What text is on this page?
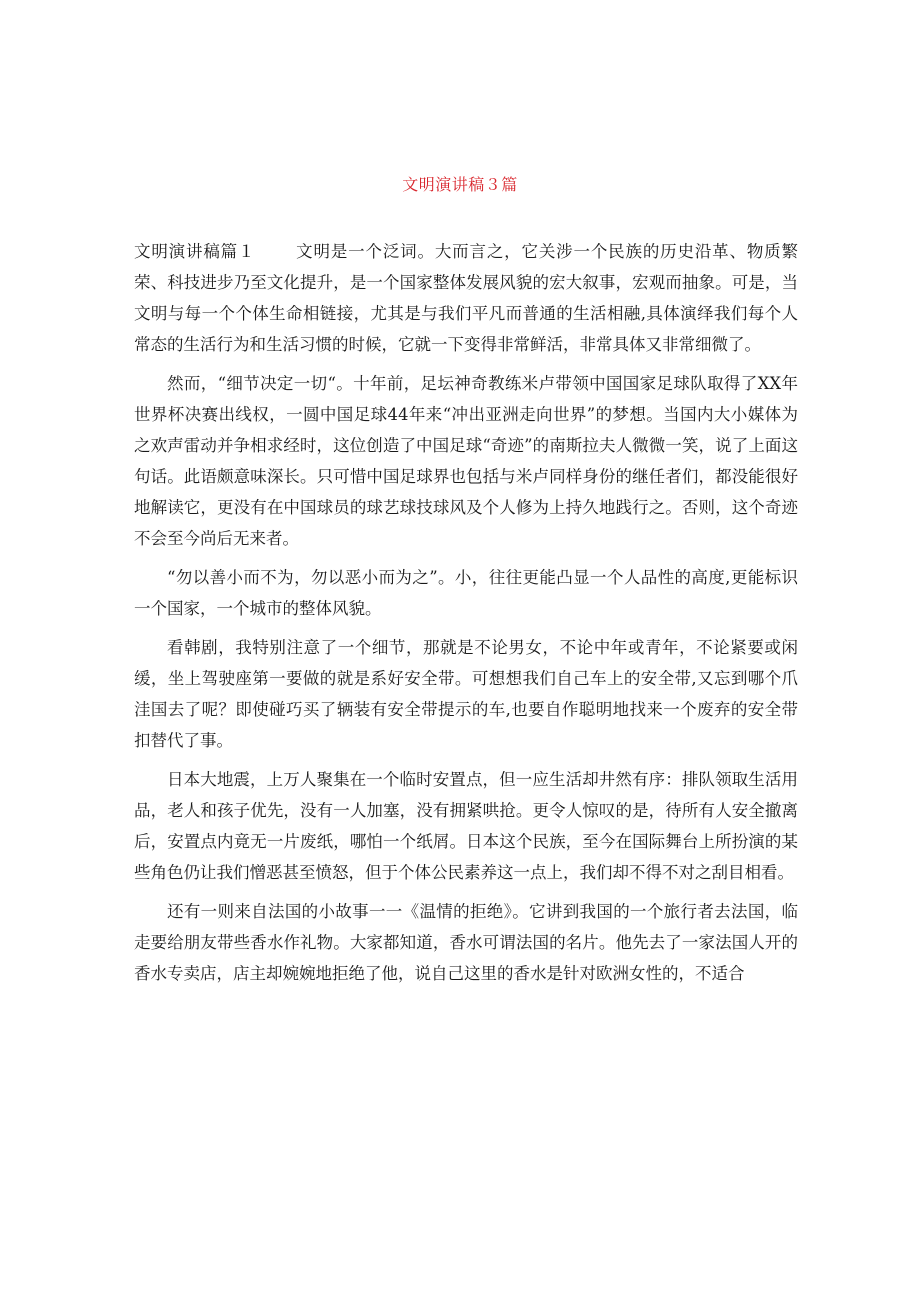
文明演讲稿３篇

文明演讲稿篇１ 文明是一个泛词。大而言之，它关涉一个民族的历史沿革、物质繁荣、科技进步乃至文化提升，是一个国家整体发展风貌的宏大叙事，宏观而抽象。可是，当文明与每一个个体生命相链接，尤其是与我们平凡而普通的生活相融,具体演绎我们每个人常态的生活行为和生活习惯的时候，它就一下变得非常鲜活，非常具体又非常细微了。

然而，“细节决定一切“。十年前，足坛神奇教练米卢带领中国国家足球队取得了XX年世界杯决赛出线权，一圆中国足球44年来“冲出亚洲走向世界”的梦想。当国内大小媒体为之欢声雷动并争相求经时，这位创造了中国足球“奇迹”的南斯拉夫人微微一笑，说了上面这句话。此语颇意味深长。只可惜中国足球界也包括与米卢同样身份的继任者们，都没能很好地解读它，更没有在中国球员的球艺球技球风及个人修为上持久地践行之。否则，这个奇迹不会至今尚后无来者。

“勿以善小而不为，勿以恶小而为之”。小，往往更能凸显一个人品性的高度,更能标识一个国家，一个城市的整体风貌。

看韩剧，我特别注意了一个细节，那就是不论男女，不论中年或青年，不论紧要或闲缓，坐上驾驶座第一要做的就是系好安全带。可想想我们自己车上的安全带,又忘到哪个爪洼国去了呢？即使碰巧买了辆装有安全带提示的车,也要自作聪明地找来一个废弃的安全带扣替代了事。

日本大地震，上万人聚集在一个临时安置点，但一应生活却井然有序：排队领取生活用品，老人和孩子优先，没有一人加塞，没有拥紧哄抢。更令人惊叹的是，待所有人安全撤离后，安置点内竟无一片废纸，哪怕一个纸屑。日本这个民族，至今在国际舞台上所扮演的某些角色仍让我们憎恶甚至愤怒，但于个体公民素养这一点上，我们却不得不对之刮目相看。

还有一则来自法国的小故事一一《温情的拒绝》。它讲到我国的一个旅行者去法国，临走要给朋友带些香水作礼物。大家都知道，香水可谓法国的名片。他先去了一家法国人开的香水专卖店，店主却婉婉地拒绝了他，说自己这里的香水是针对欧洲女性的，不适合
